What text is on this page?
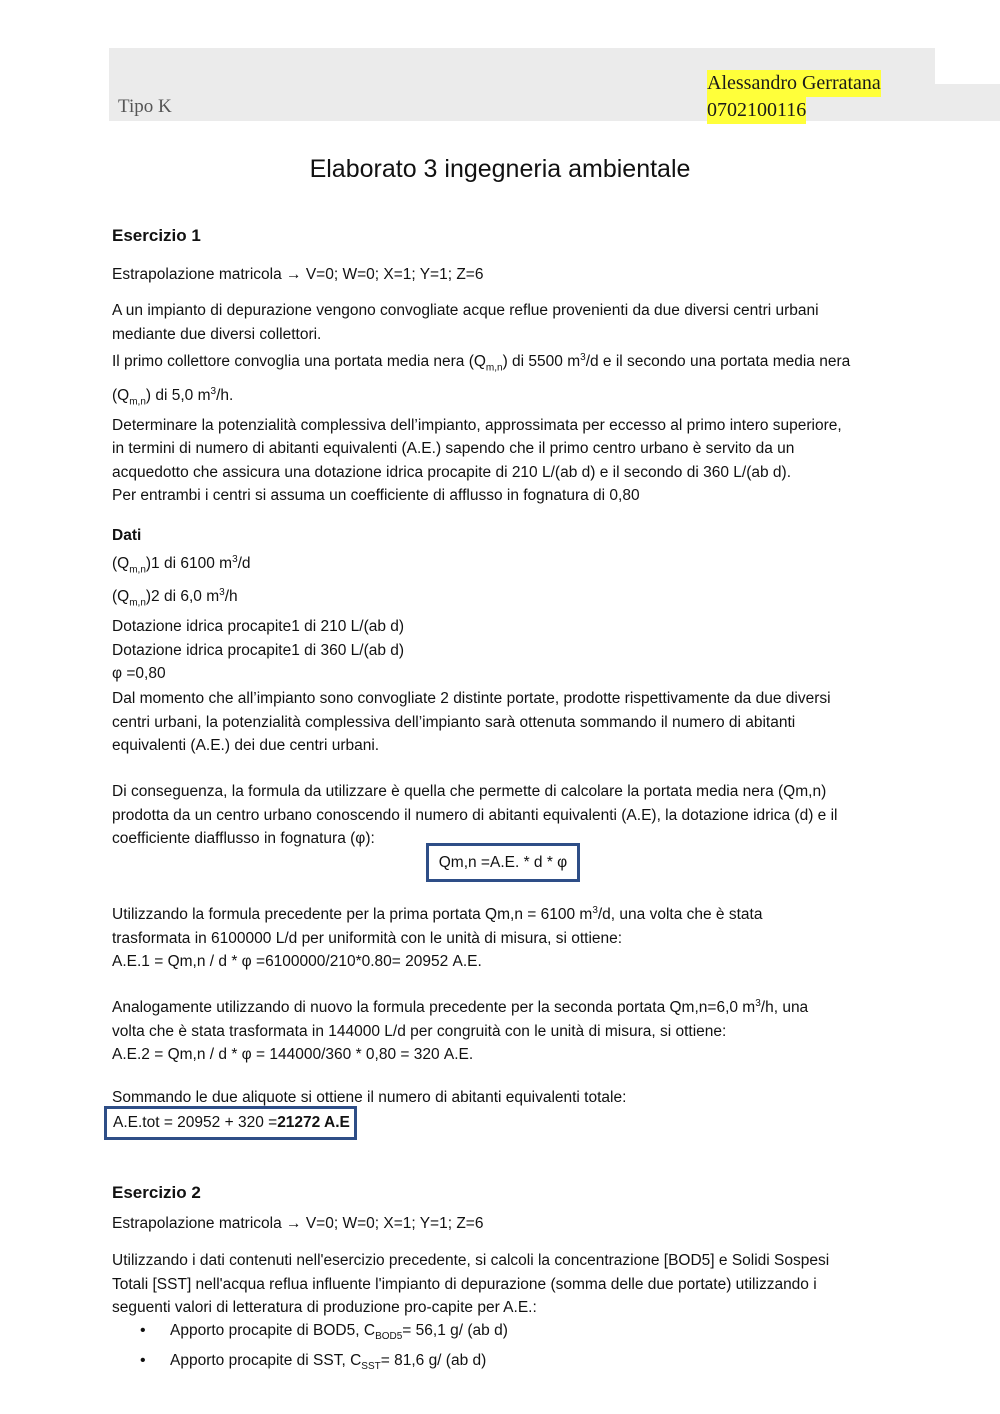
Tipo K
Alessandro Gerratana
0702100116
Elaborato 3 ingegneria ambientale
Esercizio 1
Estrapolazione matricola → V=0; W=0; X=1; Y=1; Z=6
A un impianto di depurazione vengono convogliate acque reflue provenienti da due diversi centri urbani
mediante due diversi collettori.
Il primo collettore convoglia una portata media nera $(Q_{m,n})$ di 5500 $m^3/d$ e il secondo una portata media nera
$(Q_{m,n})$ di 5,0 $m^3/h$.
Determinare la potenzialità complessiva dell’impianto, approssimata per eccesso al primo intero superiore,
in termini di numero di abitanti equivalenti (A.E.) sapendo che il primo centro urbano è servito da un
acquedotto che assicura una dotazione idrica procapite di 210 L/(ab d) e il secondo di 360 L/(ab d).
Per entrambi i centri si assuma un coefficiente di afflusso in fognatura di 0,80
Dati
$(Q_{m,n})1$ di 6100 $m^3/d$
$(Q_{m,n})2$ di 6,0 $m^3/h$
Dotazione idrica procapite1 di 210 L/(ab d)
Dotazione idrica procapite1 di 360 L/(ab d)
φ =0,80
Dal momento che all’impianto sono convogliate 2 distinte portate, prodotte rispettivamente da due diversi
centri urbani, la potenzialità complessiva dell’impianto sarà ottenuta sommando il numero di abitanti
equivalenti (A.E.) dei due centri urbani.
Di conseguenza, la formula da utilizzare è quella che permette di calcolare la portata media nera (Qm,n)
prodotta da un centro urbano conoscendo il numero di abitanti equivalenti (A.E), la dotazione idrica (d) e il
coefficiente diafflusso in fognatura (φ):
Qm,n =A.E. * d * φ
Utilizzando la formula precedente per la prima portata Qm,n = 6100 $m^3/d$, una volta che è stata
trasformata in 6100000 L/d per uniformità con le unità di misura, si ottiene:
A.E.1 = Qm,n / d * φ =6100000/210*0.80= 20952 A.E.
Analogamente utilizzando di nuovo la formula precedente per la seconda portata Qm,n=6,0 $m^3/h$, una
volta che è stata trasformata in 144000 L/d per congruità con le unità di misura, si ottiene:
A.E.2 = Qm,n / d * φ = 144000/360 * 0,80 = 320 A.E.
Sommando le due aliquote si ottiene il numero di abitanti equivalenti totale:
A.E.tot = 20952 + 320 =21272 A.E
Esercizio 2
Estrapolazione matricola → V=0; W=0; X=1; Y=1; Z=6
Utilizzando i dati contenuti nell'esercizio precedente, si calcoli la concentrazione [BOD5] e Solidi Sospesi
Totali [SST] nell'acqua reflua influente l'impianto di depurazione (somma delle due portate) utilizzando i
seguenti valori di letteratura di produzione pro-capite per A.E.:
• Apporto procapite di BOD5, $C_{BOD5}= 56,1$ g/ (ab d)
• Apporto procapite di SST, $C_{SST}= 81,6$ g/ (ab d)
